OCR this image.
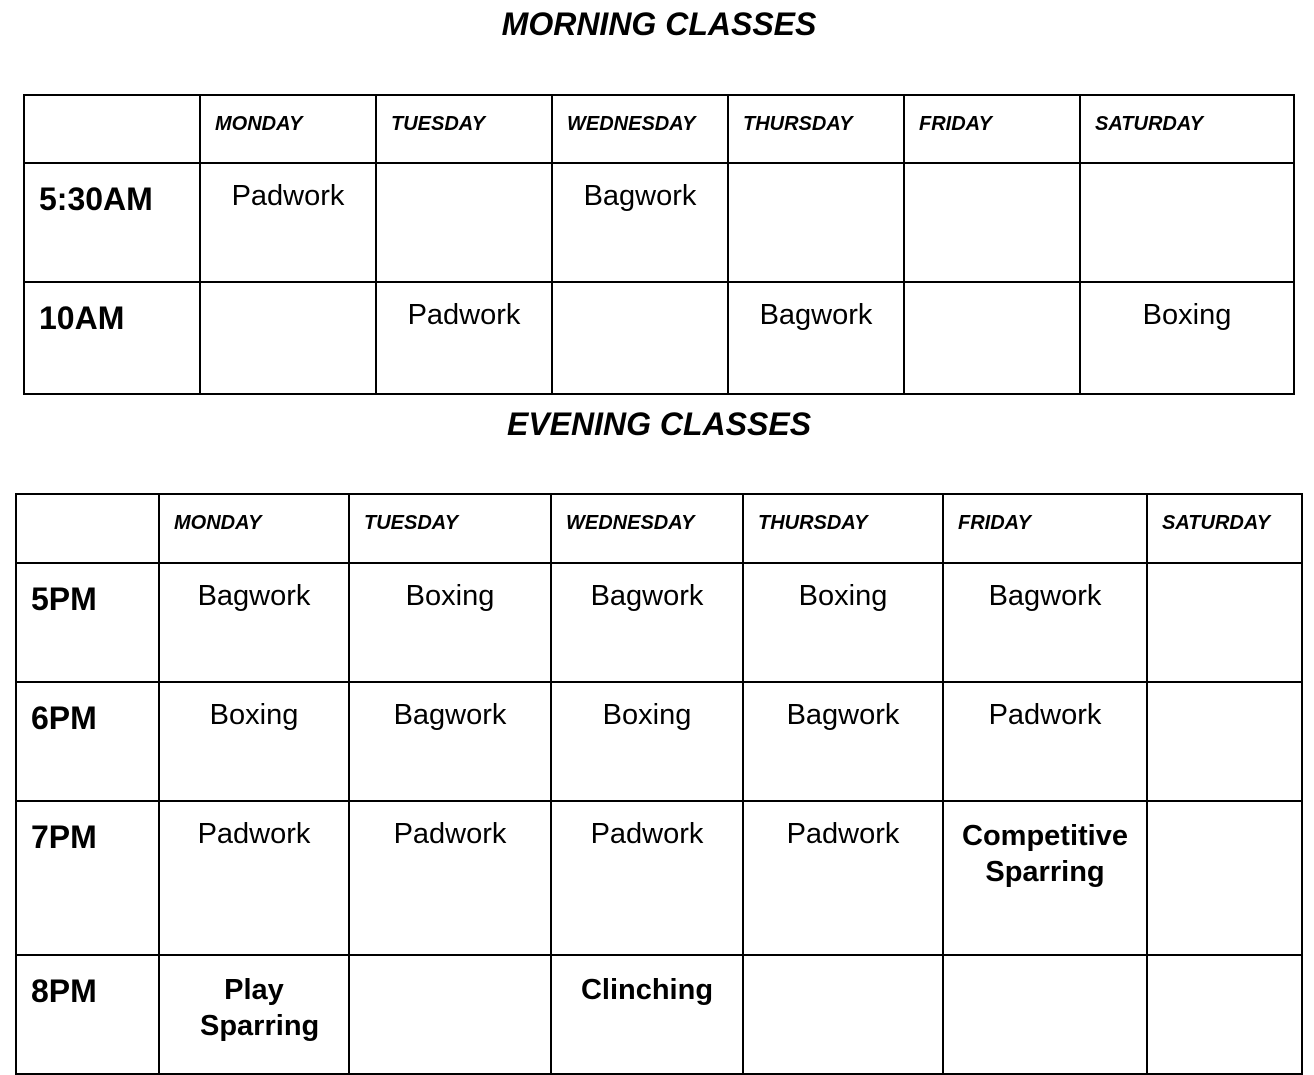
MORNING CLASSES
	MONDAY	TUESDAY	WEDNESDAY	THURSDAY	FRIDAY	SATURDAY
5:30AM	Padwork		Bagwork			
10AM		Padwork		Bagwork		Boxing
EVENING CLASSES
	MONDAY	TUESDAY	WEDNESDAY	THURSDAY	FRIDAY	SATURDAY
5PM	Bagwork	Boxing	Bagwork	Boxing	Bagwork	
6PM	Boxing	Bagwork	Boxing	Bagwork	Padwork	
7PM	Padwork	Padwork	Padwork	Padwork	Competitive Sparring	
8PM	Play Sparring		Clinching			
